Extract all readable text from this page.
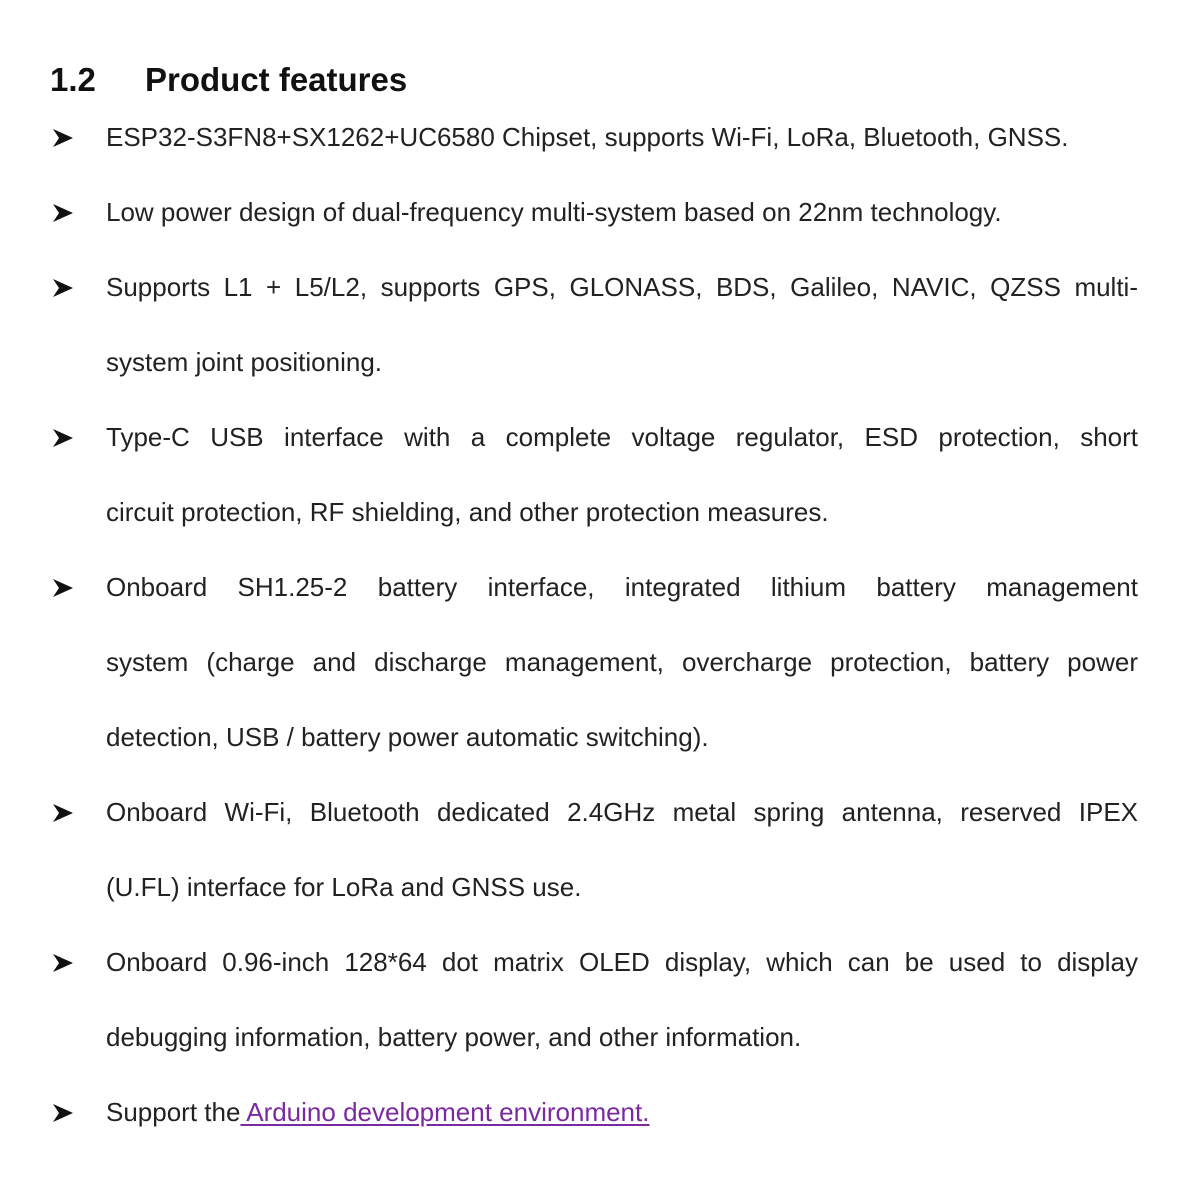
1.2	Product features
ESP32-S3FN8+SX1262+UC6580 Chipset, supports Wi-Fi, LoRa, Bluetooth, GNSS.
Low power design of dual-frequency multi-system based on 22nm technology.
Supports L1 + L5/L2, supports GPS, GLONASS, BDS, Galileo, NAVIC, QZSS multi-
system joint positioning.
Type-C USB interface with a complete voltage regulator, ESD protection, short
circuit protection, RF shielding, and other protection measures.
Onboard SH1.25-2 battery interface, integrated lithium battery management
system (charge and discharge management, overcharge protection, battery power
detection, USB / battery power automatic switching).
Onboard Wi-Fi, Bluetooth dedicated 2.4GHz metal spring antenna, reserved IPEX
(U.FL) interface for LoRa and GNSS use.
Onboard 0.96-inch 128*64 dot matrix OLED display, which can be used to display
debugging information, battery power, and other information.
Support the Arduino development environment.
